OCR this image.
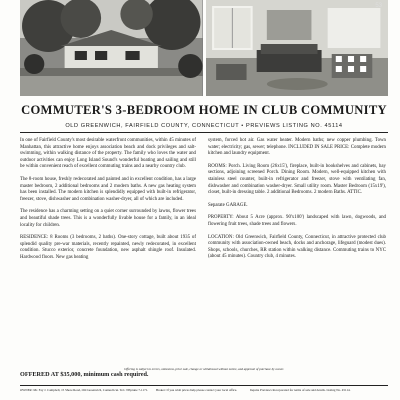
53
COMMUTER'S 3-BEDROOM HOME IN CLUB COMMUNITY
OLD GREENWICH, FAIRFIELD COUNTY, CONNECTICUT • PREVIEWS LISTING NO. 45114

In one of Fairfield County's most desirable waterfront communities, within 45 minutes of Manhattan, this attractive home enjoys association beach and dock privileges and salt-swimming, within walking distance of the property. The family who loves the water and outdoor activities can enjoy Long Island Sound's wonderful boating and sailing and still be within convenient reach of excellent commuting trains and a nearby country club.

The 8-room house, freshly redecorated and painted and in excellent condition, has a large master bedroom, 2 additional bedrooms and 2 modern baths. A new gas heating system has been installed. The modern kitchen is splendidly equipped with built-in refrigerator, freezer, stove, dishwasher and combination washer-dryer, all of which are included.

The residence has a charming setting on a quiet corner surrounded by lawns, flower trees and beautiful shade trees. This is a wonderfully livable house for a family, in an ideal locality for children.

RESIDENCE: 8 Rooms (3 bedrooms, 2 baths). One-story cottage, built about 1935 of splendid quality pre-war materials, recently repainted, newly redecorated, in excellent condition. Stucco exterior, concrete foundation, new asphalt shingle roof. Insulated. Hardwood floors. New gas heating

system, forced hot air. Gas water heater. Modern baths; new copper plumbing. Town water; electricity; gas, sewer; telephone. INCLUDED IN SALE PRICE: Complete modern kitchen and laundry equipment.

ROOMS: Porch. Living Room (26x15'), fireplace, built-in bookshelves and cabinets, bay sections, adjoining screened Porch. Dining Room. Modern, well-equipped kitchen with stainless steel counter, built-in refrigerator and freezer, stove with ventilating fan, dishwasher and combination washer-dryer. Small utility room. Master Bedroom (15x19'), closet, built-in dressing table. 2 additional Bedrooms. 2 modern Baths. ATTIC.

Separate GARAGE.

PROPERTY: About 5 Acre (approx. 90'x100') landscaped with lawn, dogwoods, and flowering fruit trees, shade trees and flowers.

LOCATION: Old Greenwich, Fairfield County, Connecticut, in attractive protected club community with association-owned beach, docks and anchorage, lifeguard (modest dues). Shops, schools, churches, RR station within walking distance. Commuting trains to NYC (about 45 minutes). Country club, 4 minutes.

Offering is subject to errors, omissions, prior sale, change or withdrawal without notice, and approval of purchase by owner.
OFFERED AT $35,000, minimum cash required.
OWNER: Mr. Fay J. Campbell, 15 Shore Road, Old Greenwich, Connecticut. Tel.: NEptune 7-1171.	Broker: If you wish prices help please contact your local office.	Inquire Previews Incorporated for terms of sale and details. Listing No. 45114.
